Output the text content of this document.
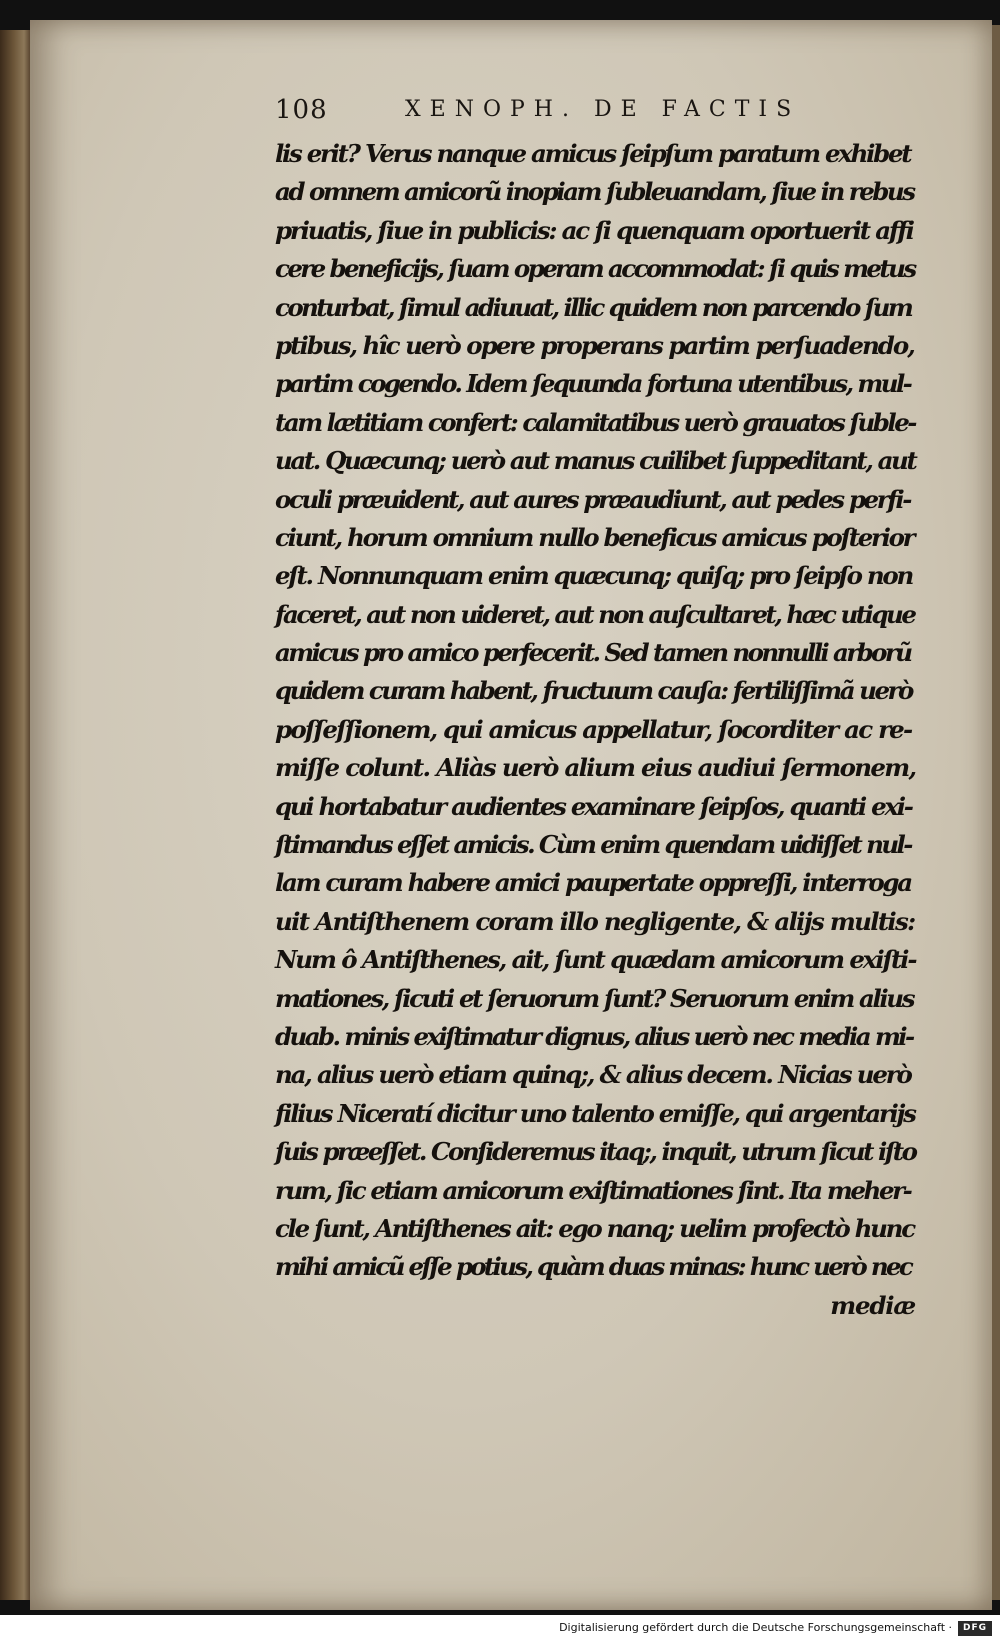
108	XENOPH. DE FACTIS
lis erit? Verus nanque amicus ſeipſum paratum exhibet
ad omnem amicorũ inopiam ſubleuandam, ſiue in rebus
priuatis, ſiue in publicis: ac ſi quenquam oportuerit affi
cere beneficijs, ſuam operam accommodat: ſi quis metus
conturbat, ſimul adiuuat, illic quidem non parcendo ſum
ptibus, hîc uerò opere properans partim perſuadendo,
partim cogendo. Idem ſequunda fortuna utentibus, mul-
tam lætitiam confert: calamitatibus uerò grauatos ſuble-
uat. Quæcunq; uerò aut manus cuilibet ſuppeditant, aut
oculi præuident, aut aures præaudiunt, aut pedes perfi-
ciunt, horum omnium nullo beneficus amicus poſterior
eſt. Nonnunquam enim quæcunq; quiſq; pro ſeipſo non
faceret, aut non uideret, aut non auſcultaret, hæc utique
amicus pro amico perfecerit. Sed tamen nonnulli arborũ
quidem curam habent, fructuum cauſa: fertiliſſimã uerò
poſſeſſionem, qui amicus appellatur, ſocorditer ac re-
miſſe colunt. Aliàs uerò alium eius audiui ſermonem,
qui hortabatur audientes examinare ſeipſos, quanti exi-
ſtimandus eſſet amicis. Cùm enim quendam uidiſſet nul-
lam curam habere amici paupertate oppreſſi, interroga
uit Antiſthenem coram illo negligente, & alijs multis:
Num ô Antiſthenes, ait, ſunt quædam amicorum exiſti-
mationes, ſicuti et ſeruorum ſunt? Seruorum enim alius
duab. minis exiſtimatur dignus, alius uerò nec media mi-
na, alius uerò etiam quinq;, & alius decem. Nicias uerò
filius Niceratí dicitur uno talento emiſſe, qui argentarijs
ſuis præeſſet. Conſideremus itaq;, inquit, utrum ſicut iſto
rum, ſic etiam amicorum exiſtimationes ſint. Ita meher-
cle ſunt, Antiſthenes ait: ego nanq; uelim profectò hunc
mihi amicũ eſſe potius, quàm duas minas: hunc uerò nec
mediæ
Digitalisierung gefördert durch die Deutsche Forschungsgemeinschaft ·	DFG
